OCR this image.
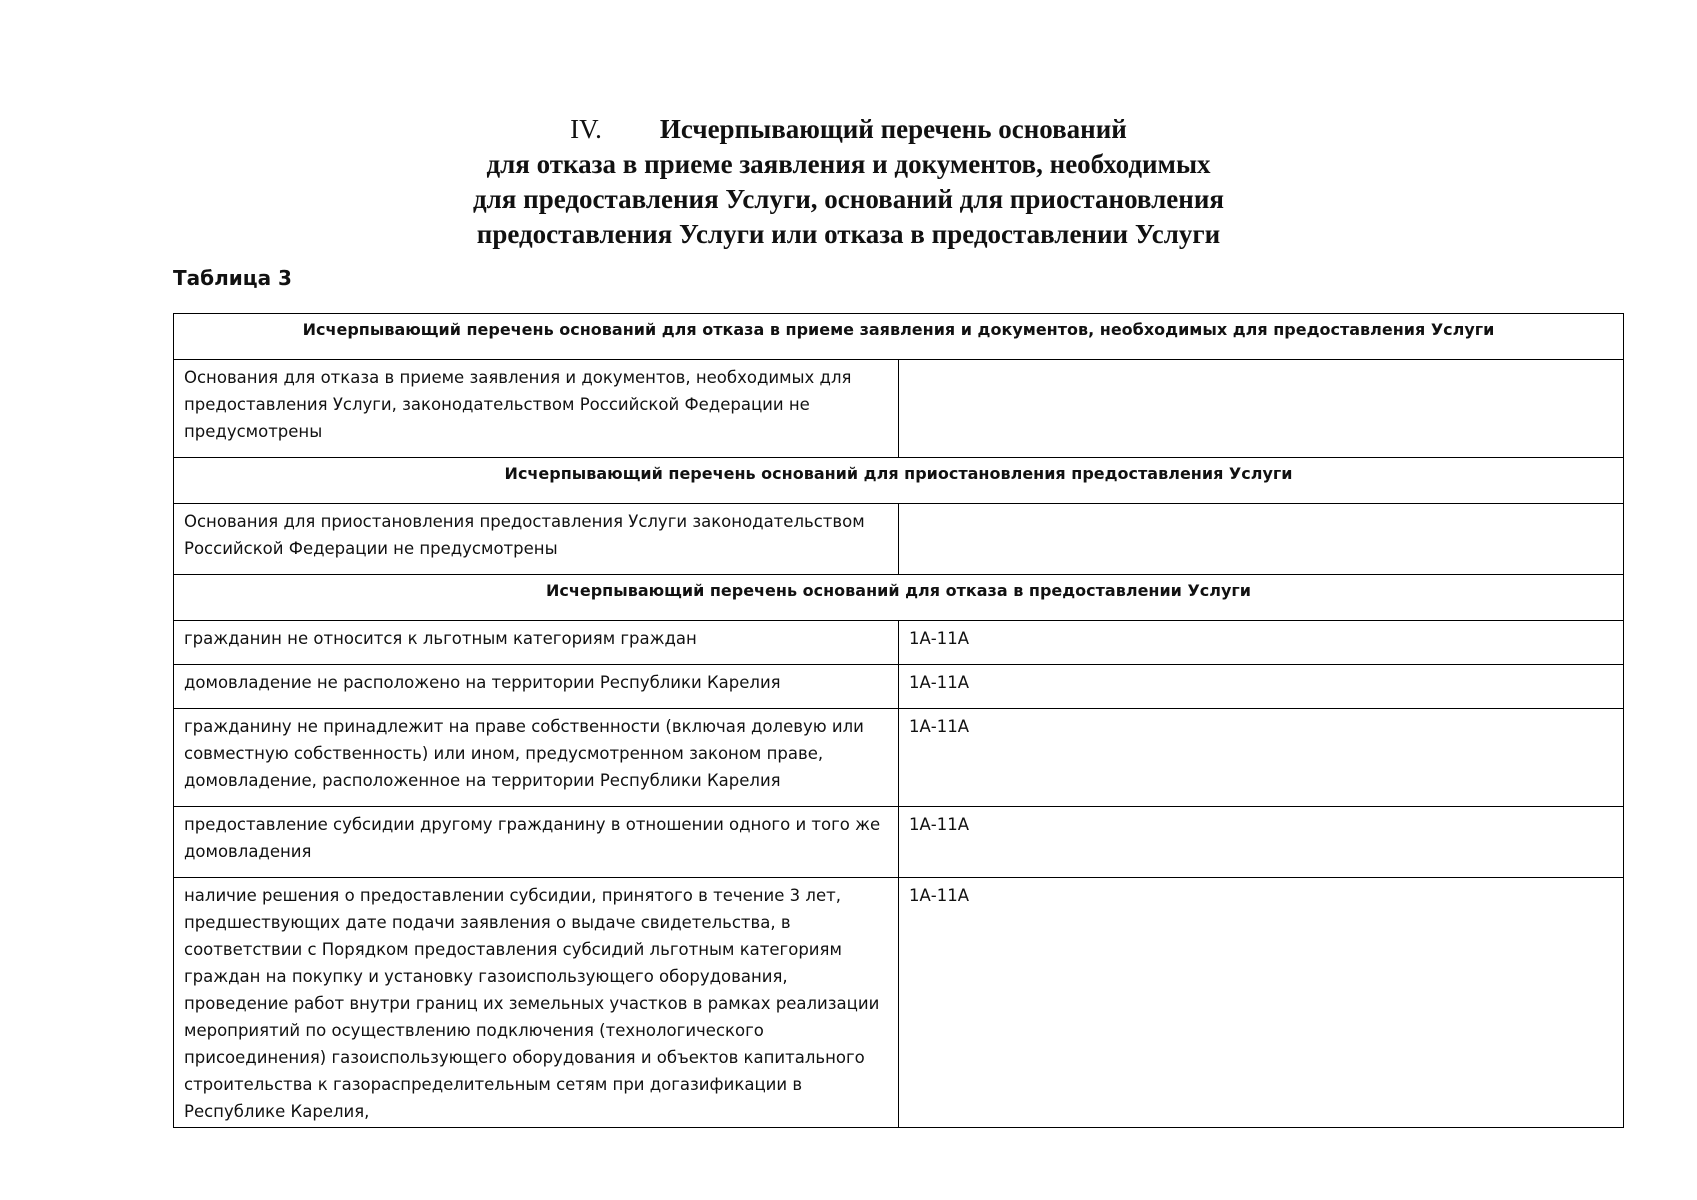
IV. Исчерпывающий перечень оснований
для отказа в приеме заявления и документов, необходимых
для предоставления Услуги, оснований для приостановления
предоставления Услуги или отказа в предоставлении Услуги
Таблица 3
Исчерпывающий перечень оснований для отказа в приеме заявления и документов, необходимых для предоставления Услуги	
Основания для отказа в приеме заявления и документов, необходимых для предоставления Услуги, законодательством Российской Федерации не предусмотрены	
Исчерпывающий перечень оснований для приостановления предоставления Услуги	
Основания для приостановления предоставления Услуги законодательством Российской Федерации не предусмотрены	
Исчерпывающий перечень оснований для отказа в предоставлении Услуги	
гражданин не относится к льготным категориям граждан	1А-11А
домовладение не расположено на территории Республики Карелия	1А-11А
гражданину не принадлежит на праве собственности (включая долевую или совместную собственность) или ином, предусмотренном законом праве, домовладение, расположенное на территории Республики Карелия	1А-11А
предоставление субсидии другому гражданину в отношении одного и того же домовладения	1А-11А
наличие решения о предоставлении субсидии, принятого в течение 3 лет, предшествующих дате подачи заявления о выдаче свидетельства, в соответствии с Порядком предоставления субсидий льготным категориям граждан на покупку и установку газоиспользующего оборудования, проведение работ внутри границ их земельных участков в рамках реализации мероприятий по осуществлению подключения (технологического присоединения) газоиспользующего оборудования и объектов капитального строительства к газораспределительным сетям при догазификации в Республике Карелия,	1А-11А
